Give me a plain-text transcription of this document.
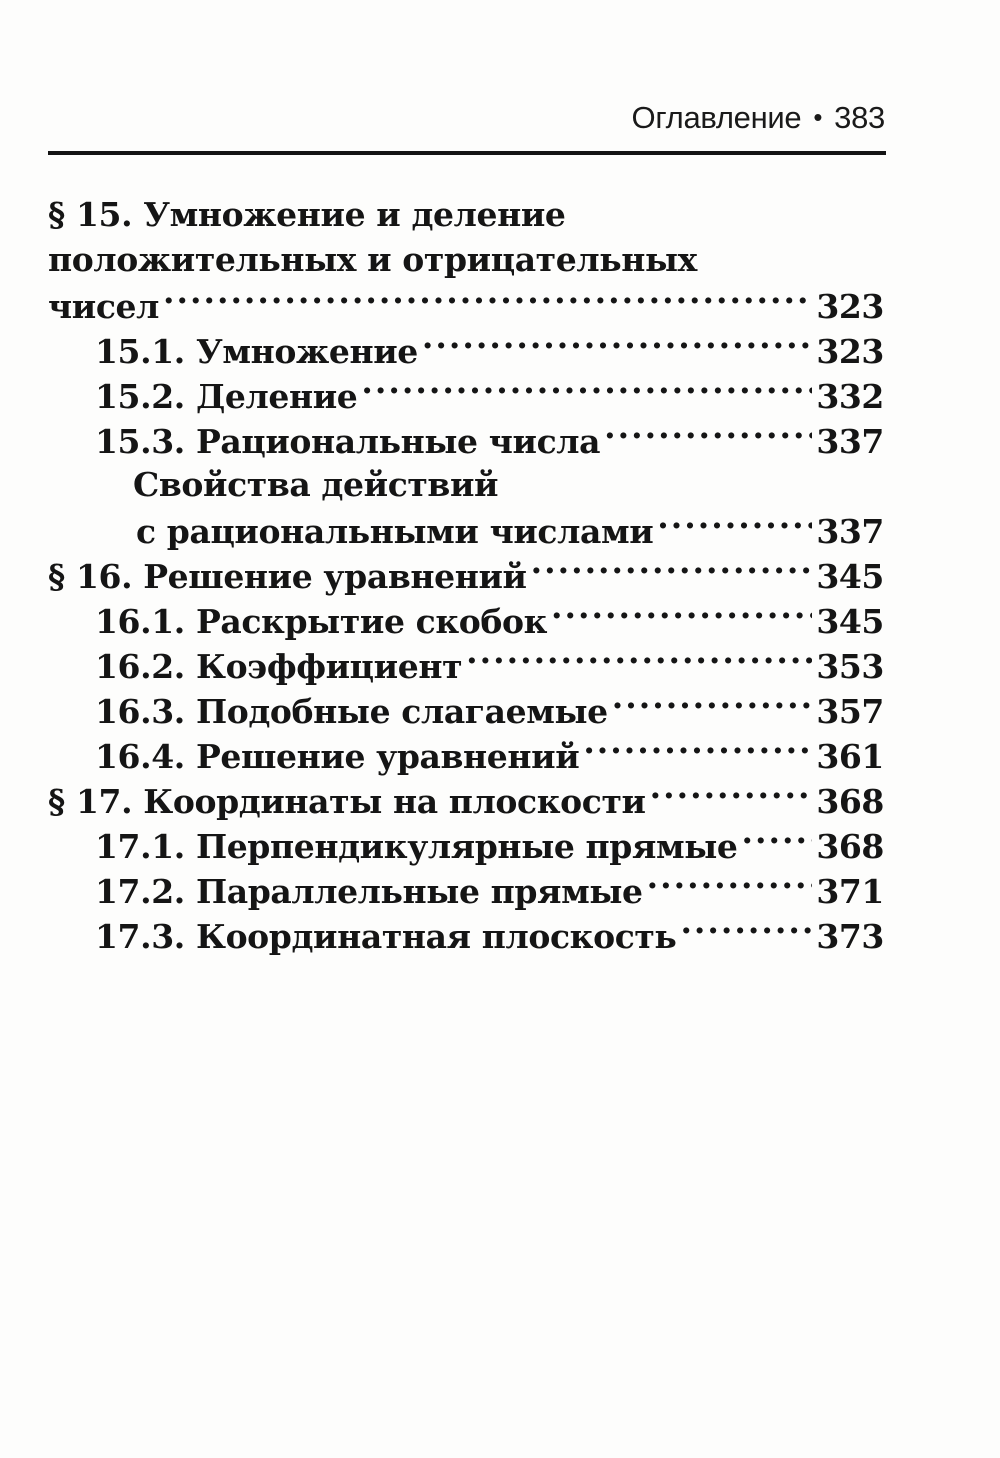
Оглавление • 383
§ 15. Умножение и деление
положительных и отрицательных
чисел .....	323
15.1. Умножение .....	323
15.2. Деление .....	332
15.3. Рациональные числа .....	337
Свойства действий
с рациональными числами .....	337
§ 16. Решение уравнений .....	345
16.1. Раскрытие скобок .....	345
16.2. Коэффициент .....	353
16.3. Подобные слагаемые .....	357
16.4. Решение уравнений .....	361
§ 17. Координаты на плоскости .....	368
17.1. Перпендикулярные прямые ..... 368
17.2. Параллельные прямые .....	371
17.3. Координатная плоскость .....	373
